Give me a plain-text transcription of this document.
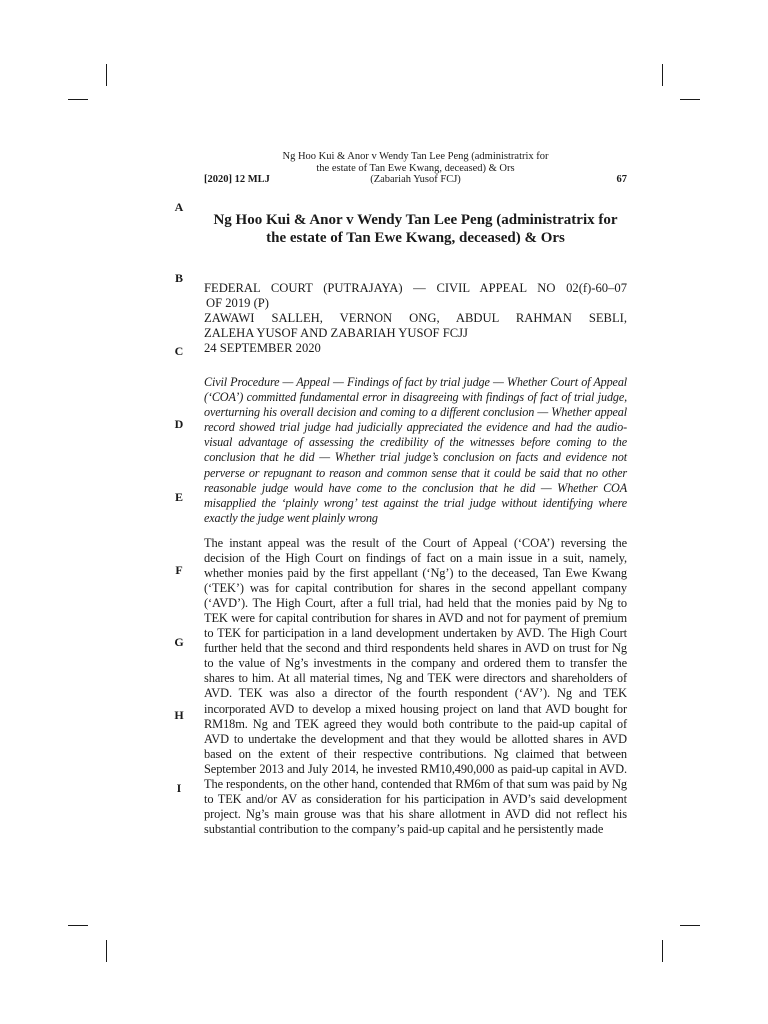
Ng Hoo Kui & Anor v Wendy Tan Lee Peng (administratrix for
the estate of Tan Ewe Kwang, deceased) & Ors
(Zabariah Yusof FCJ)
[2020] 12 MLJ	67
A
B
C
D
E
F
G
H
I
Ng Hoo Kui & Anor v Wendy Tan Lee Peng (administratrix for
the estate of Tan Ewe Kwang, deceased) & Ors
FEDERAL COURT (PUTRAJAYA) — CIVIL APPEAL NO 02(f)-60–07
OF 2019 (P)
ZAWAWI SALLEH, VERNON ONG, ABDUL RAHMAN SEBLI,
ZALEHA YUSOF AND ZABARIAH YUSOF FCJJ
24 SEPTEMBER 2020
Civil Procedure — Appeal — Findings of fact by trial judge — Whether Court of Appeal (‘COA’) committed fundamental error in disagreeing with findings of fact of trial judge, overturning his overall decision and coming to a different conclusion — Whether appeal record showed trial judge had judicially appreciated the evidence and had the audio-visual advantage of assessing the credibility of the witnesses before coming to the conclusion that he did — Whether trial judge’s conclusion on facts and evidence not perverse or repugnant to reason and common sense that it could be said that no other reasonable judge would have come to the conclusion that he did — Whether COA misapplied the ‘plainly wrong’ test against the trial judge without identifying where exactly the judge went plainly wrong
The instant appeal was the result of the Court of Appeal (‘COA’) reversing the decision of the High Court on findings of fact on a main issue in a suit, namely, whether monies paid by the first appellant (‘Ng’) to the deceased, Tan Ewe Kwang (‘TEK’) was for capital contribution for shares in the second appellant company (‘AVD’). The High Court, after a full trial, had held that the monies paid by Ng to TEK were for capital contribution for shares in AVD and not for payment of premium to TEK for participation in a land development undertaken by AVD. The High Court further held that the second and third respondents held shares in AVD on trust for Ng to the value of Ng’s investments in the company and ordered them to transfer the shares to him. At all material times, Ng and TEK were directors and shareholders of AVD. TEK was also a director of the fourth respondent (‘AV’). Ng and TEK incorporated AVD to develop a mixed housing project on land that AVD bought for RM18m. Ng and TEK agreed they would both contribute to the paid-up capital of AVD to undertake the development and that they would be allotted shares in AVD based on the extent of their respective contributions. Ng claimed that between September 2013 and July 2014, he invested RM10,490,000 as paid-up capital in AVD. The respondents, on the other hand, contended that RM6m of that sum was paid by Ng to TEK and/or AV as consideration for his participation in AVD’s said development project. Ng’s main grouse was that his share allotment in AVD did not reflect his substantial contribution to the company’s paid-up capital and he persistently made
